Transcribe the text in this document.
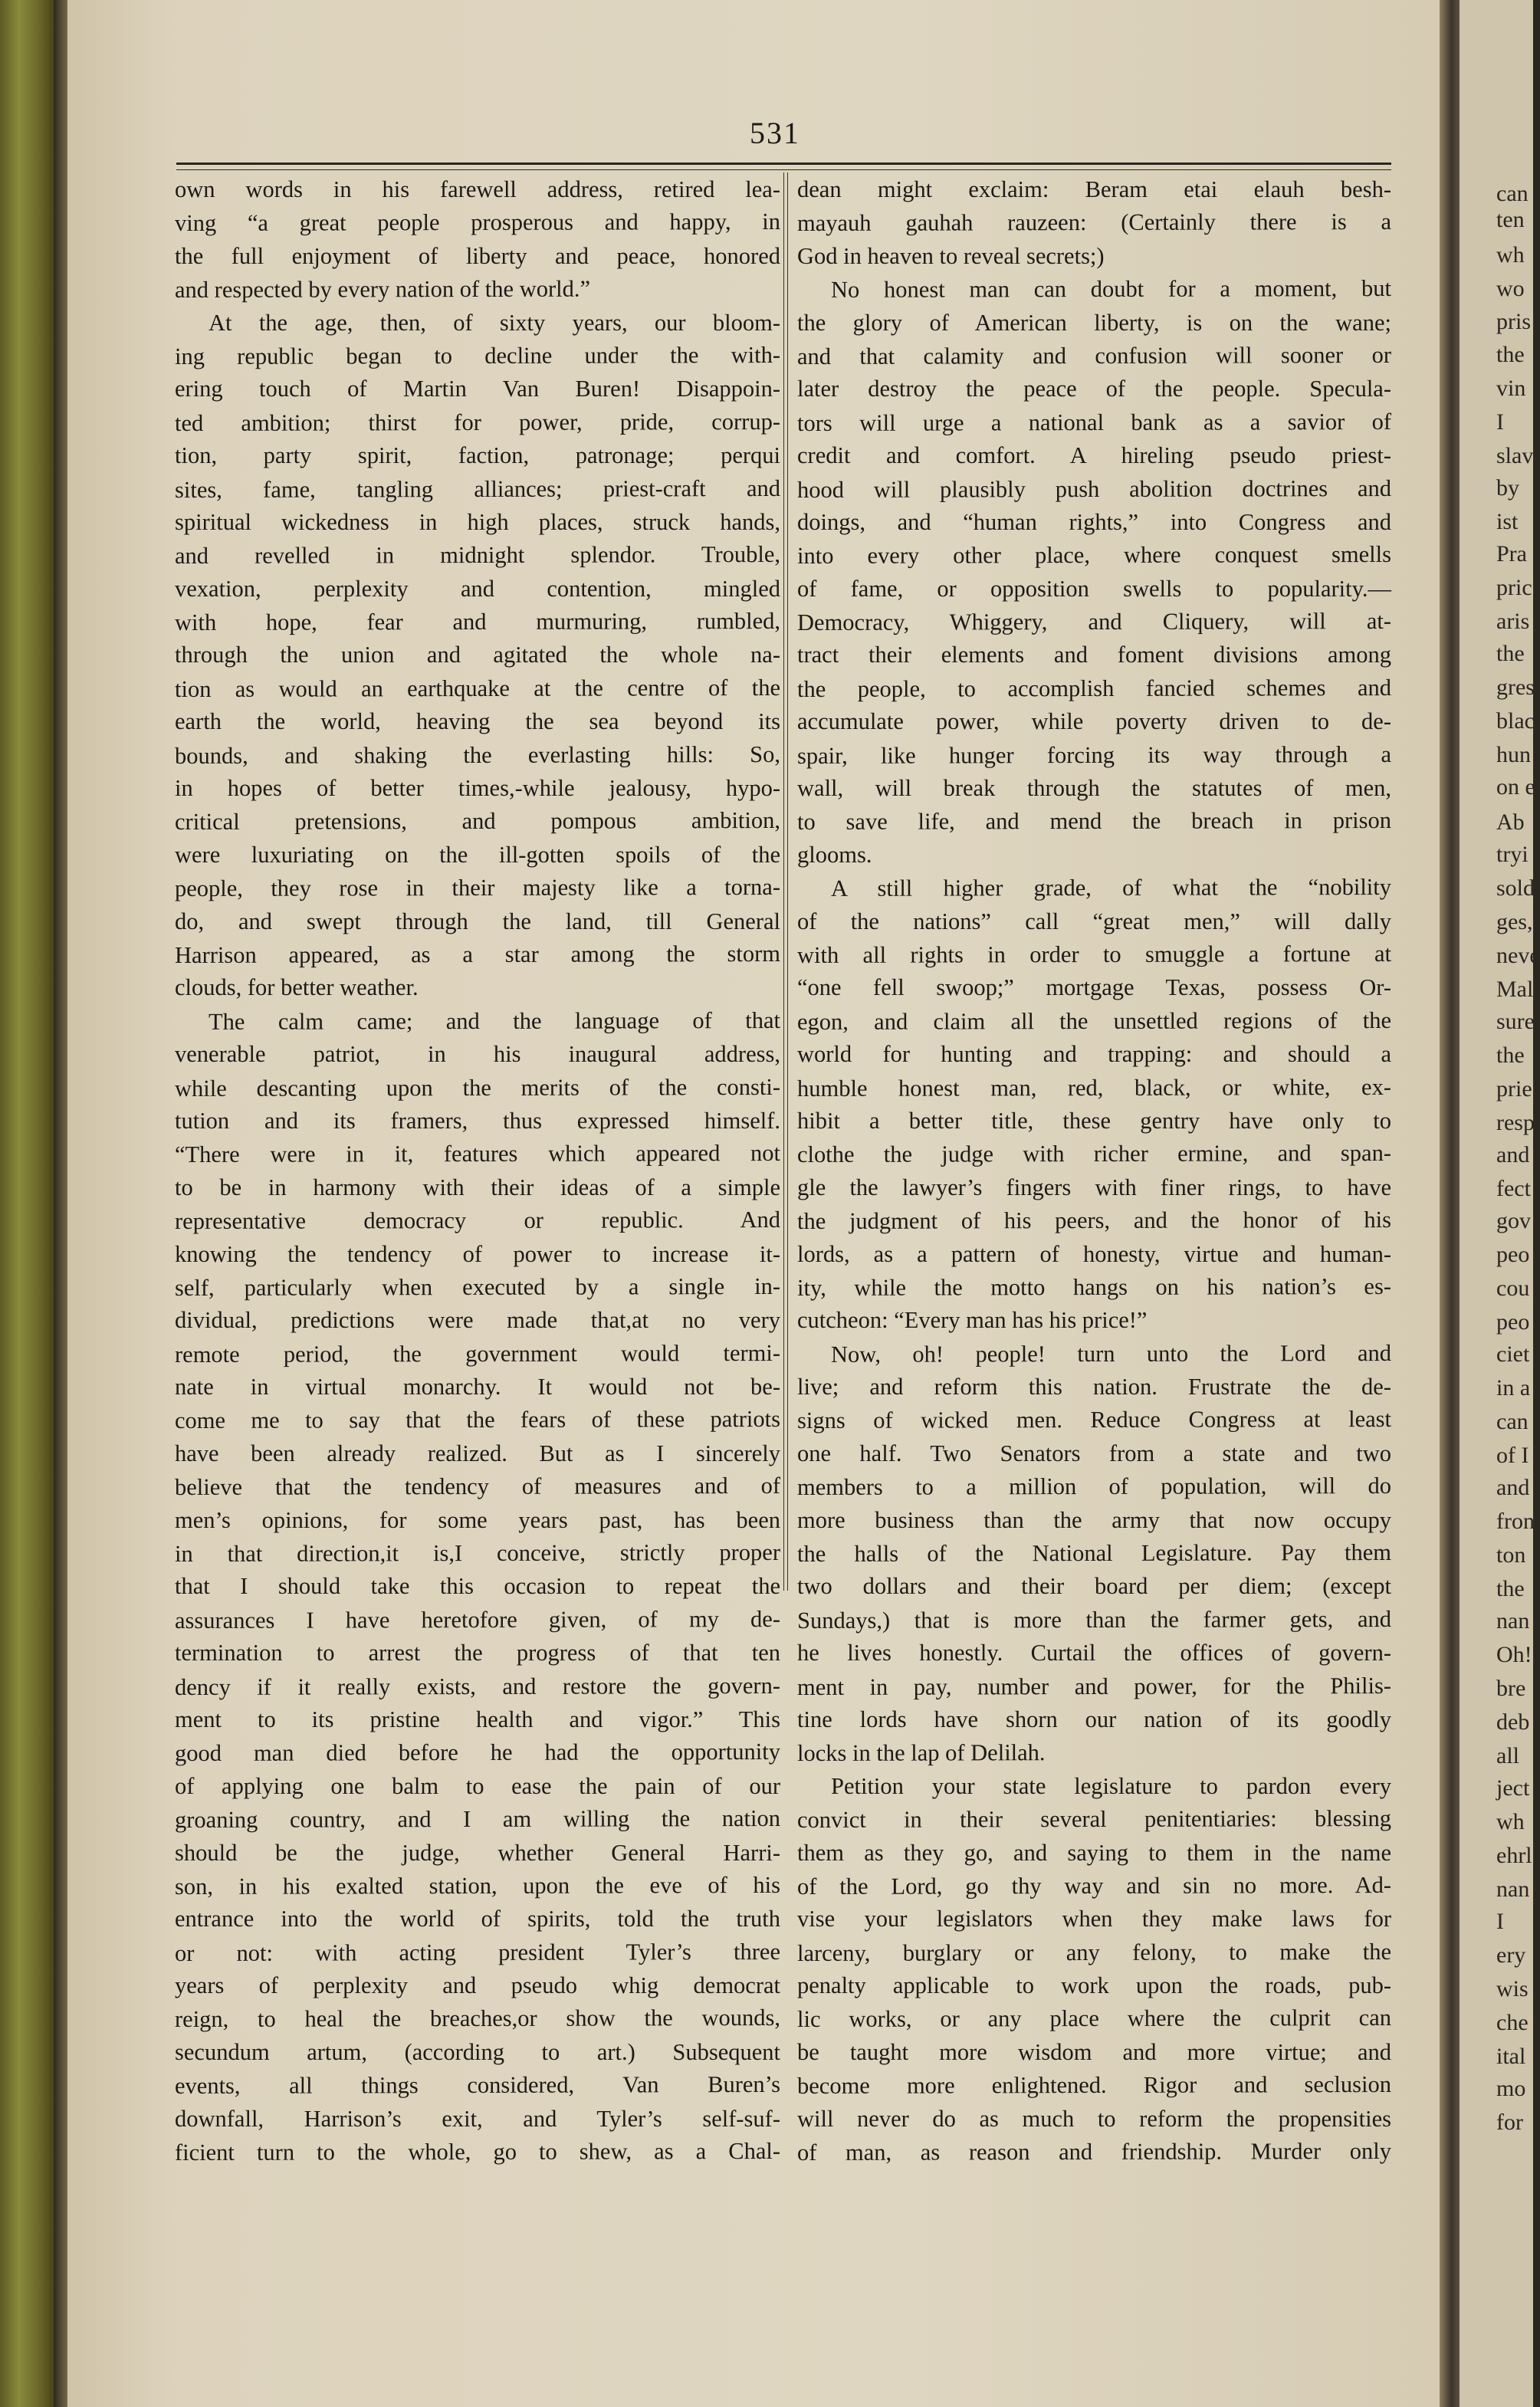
can
ten
wh
wo
pris
the
vin
I
slav
by
ist
Pra
pric
aris
the
gres
blac
hun
on e
Ab
tryi
sold
ges,
neve
Mal
sure
the
prie
resp
and
fect
gov
peo
cou
peo
ciet
in a
can
of I
and
fron
ton
the
nan
Oh!
bre
deb
all
ject
wh
ehrl
nan
I
ery
wis
che
ital
mo
for
531
own words in his farewell address, retired lea-
ving “a great people prosperous and happy, in
the full enjoyment of liberty and peace, honored
and respected by every nation of the world.”
At the age, then, of sixty years, our bloom-
ing republic began to decline under the with-
ering touch of Martin Van Buren! Disappoin-
ted ambition; thirst for power, pride, corrup-
tion, party spirit, faction, patronage; perqui
sites, fame, tangling alliances; priest-craft and
spiritual wickedness in high places, struck hands,
and revelled in midnight splendor. Trouble,
vexation, perplexity and contention, mingled
with hope, fear and murmuring, rumbled,
through the union and agitated the whole na-
tion as would an earthquake at the centre of the
earth the world, heaving the sea beyond its
bounds, and shaking the everlasting hills: So,
in hopes of better times,-while jealousy, hypo-
critical pretensions, and pompous ambition,
were luxuriating on the ill-gotten spoils of the
people, they rose in their majesty like a torna-
do, and swept through the land, till General
Harrison appeared, as a star among the storm
clouds, for better weather.
The calm came; and the language of that
venerable patriot, in his inaugural address,
while descanting upon the merits of the consti-
tution and its framers, thus expressed himself.
“There were in it, features which appeared not
to be in harmony with their ideas of a simple
representative democracy or republic. And
knowing the tendency of power to increase it-
self, particularly when executed by a single in-
dividual, predictions were made that,at no very
remote period, the government would termi-
nate in virtual monarchy. It would not be-
come me to say that the fears of these patriots
have been already realized. But as I sincerely
believe that the tendency of measures and of
men’s opinions, for some years past, has been
in that direction,it is,I conceive, strictly proper
that I should take this occasion to repeat the
assurances I have heretofore given, of my de-
termination to arrest the progress of that ten
dency if it really exists, and restore the govern-
ment to its pristine health and vigor.” This
good man died before he had the opportunity
of applying one balm to ease the pain of our
groaning country, and I am willing the nation
should be the judge, whether General Harri-
son, in his exalted station, upon the eve of his
entrance into the world of spirits, told the truth
or not: with acting president Tyler’s three
years of perplexity and pseudo whig democrat
reign, to heal the breaches,or show the wounds,
secundum artum, (according to art.) Subsequent
events, all things considered, Van Buren’s
downfall, Harrison’s exit, and Tyler’s self-suf-
ficient turn to the whole, go to shew, as a Chal-
dean might exclaim: Beram etai elauh besh-
mayauh gauhah rauzeen: (Certainly there is a
God in heaven to reveal secrets;)
No honest man can doubt for a moment, but
the glory of American liberty, is on the wane;
and that calamity and confusion will sooner or
later destroy the peace of the people. Specula-
tors will urge a national bank as a savior of
credit and comfort. A hireling pseudo priest-
hood will plausibly push abolition doctrines and
doings, and “human rights,” into Congress and
into every other place, where conquest smells
of fame, or opposition swells to popularity.—
Democracy, Whiggery, and Cliquery, will at-
tract their elements and foment divisions among
the people, to accomplish fancied schemes and
accumulate power, while poverty driven to de-
spair, like hunger forcing its way through a
wall, will break through the statutes of men,
to save life, and mend the breach in prison
glooms.
A still higher grade, of what the “nobility
of the nations” call “great men,” will dally
with all rights in order to smuggle a fortune at
“one fell swoop;” mortgage Texas, possess Or-
egon, and claim all the unsettled regions of the
world for hunting and trapping: and should a
humble honest man, red, black, or white, ex-
hibit a better title, these gentry have only to
clothe the judge with richer ermine, and span-
gle the lawyer’s fingers with finer rings, to have
the judgment of his peers, and the honor of his
lords, as a pattern of honesty, virtue and human-
ity, while the motto hangs on his nation’s es-
cutcheon: “Every man has his price!”
Now, oh! people! turn unto the Lord and
live; and reform this nation. Frustrate the de-
signs of wicked men. Reduce Congress at least
one half. Two Senators from a state and two
members to a million of population, will do
more business than the army that now occupy
the halls of the National Legislature. Pay them
two dollars and their board per diem; (except
Sundays,) that is more than the farmer gets, and
he lives honestly. Curtail the offices of govern-
ment in pay, number and power, for the Philis-
tine lords have shorn our nation of its goodly
locks in the lap of Delilah.
Petition your state legislature to pardon every
convict in their several penitentiaries: blessing
them as they go, and saying to them in the name
of the Lord, go thy way and sin no more. Ad-
vise your legislators when they make laws for
larceny, burglary or any felony, to make the
penalty applicable to work upon the roads, pub-
lic works, or any place where the culprit can
be taught more wisdom and more virtue; and
become more enlightened. Rigor and seclusion
will never do as much to reform the propensities
of man, as reason and friendship. Murder only
